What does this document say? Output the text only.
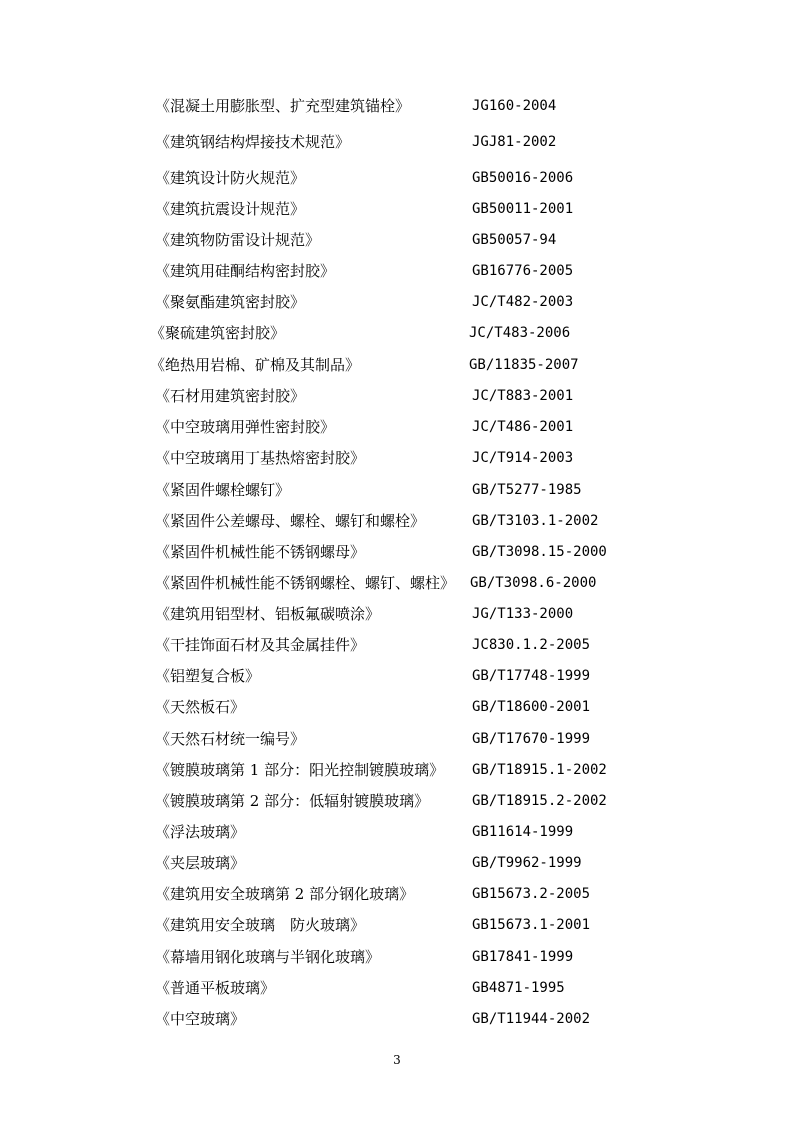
《混凝土用膨胀型、扩充型建筑锚栓》	JG160-2004
《建筑钢结构焊接技术规范》	JGJ81-2002
《建筑设计防火规范》	GB50016-2006
《建筑抗震设计规范》	GB50011-2001
《建筑物防雷设计规范》	GB50057-94
《建筑用硅酮结构密封胶》	GB16776-2005
《聚氨酯建筑密封胶》	JC/T482-2003
《聚硫建筑密封胶》	JC/T483-2006
《绝热用岩棉、矿棉及其制品》	GB/11835-2007
《石材用建筑密封胶》	JC/T883-2001
《中空玻璃用弹性密封胶》	JC/T486-2001
《中空玻璃用丁基热熔密封胶》	JC/T914-2003
《紧固件螺栓螺钉》	GB/T5277-1985
《紧固件公差螺母、螺栓、螺钉和螺栓》	GB/T3103.1-2002
《紧固件机械性能不锈钢螺母》	GB/T3098.15-2000
《紧固件机械性能不锈钢螺栓、螺钉、螺柱》 GB/T3098.6-2000
《建筑用铝型材、铝板氟碳喷涂》	JG/T133-2000
《干挂饰面石材及其金属挂件》	JC830.1.2-2005
《铝塑复合板》	GB/T17748-1999
《天然板石》	GB/T18600-2001
《天然石材统一编号》	GB/T17670-1999
《镀膜玻璃第 1 部分：阳光控制镀膜玻璃》 GB/T18915.1-2002
《镀膜玻璃第 2 部分：低辐射镀膜玻璃》	GB/T18915.2-2002
《浮法玻璃》	GB11614-1999
《夹层玻璃》	GB/T9962-1999
《建筑用安全玻璃第 2 部分钢化玻璃》	GB15673.2-2005
《建筑用安全玻璃　防火玻璃》	GB15673.1-2001
《幕墙用钢化玻璃与半钢化玻璃》	GB17841-1999
《普通平板玻璃》	GB4871-1995
《中空玻璃》	GB/T11944-2002
3
